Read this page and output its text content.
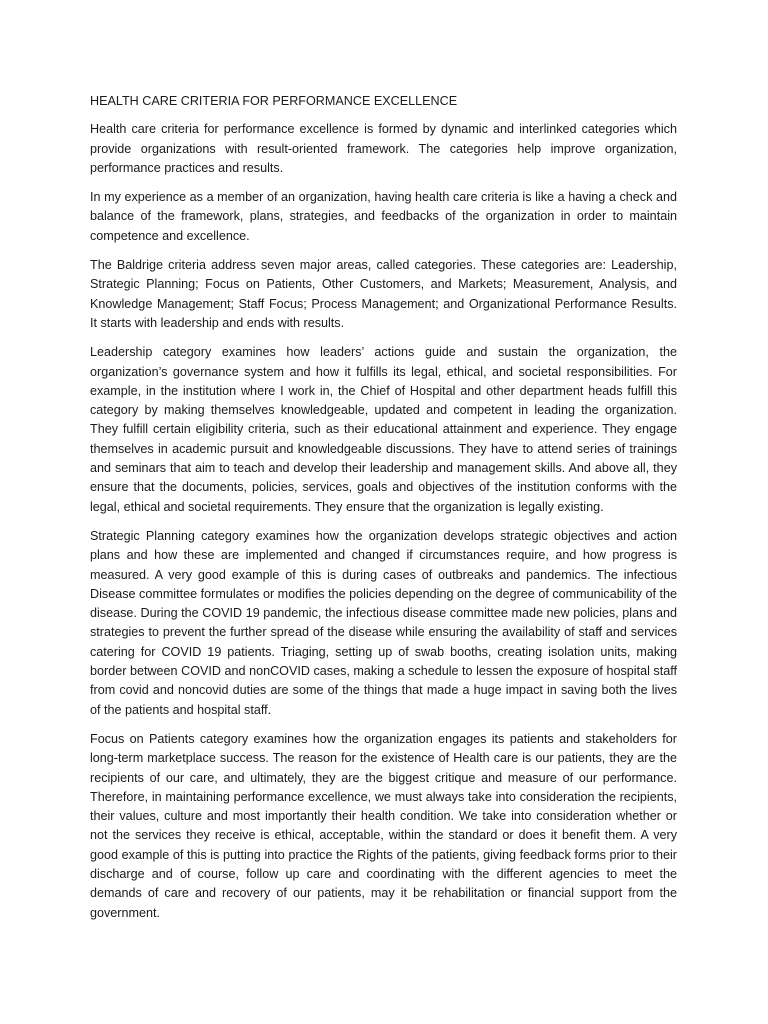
HEALTH CARE CRITERIA FOR PERFORMANCE EXCELLENCE

Health care criteria for performance excellence is formed by dynamic and interlinked categories which provide organizations with result-oriented framework. The categories help improve organization, performance practices and results.

In my experience as a member of an organization, having health care criteria is like a having a check and balance of the framework, plans, strategies, and feedbacks of the organization in order to maintain competence and excellence.

The Baldrige criteria address seven major areas, called categories. These categories are: Leadership, Strategic Planning; Focus on Patients, Other Customers, and Markets; Measurement, Analysis, and Knowledge Management; Staff Focus; Process Management; and Organizational Performance Results. It starts with leadership and ends with results.

Leadership category examines how leaders’ actions guide and sustain the organization, the organization’s governance system and how it fulfills its legal, ethical, and societal responsibilities. For example, in the institution where I work in, the Chief of Hospital and other department heads fulfill this category by making themselves knowledgeable, updated and competent in leading the organization. They fulfill certain eligibility criteria, such as their educational attainment and experience. They engage themselves in academic pursuit and knowledgeable discussions. They have to attend series of trainings and seminars that aim to teach and develop their leadership and management skills. And above all, they ensure that the documents, policies, services, goals and objectives of the institution conforms with the legal, ethical and societal requirements. They ensure that the organization is legally existing.

Strategic Planning category examines how the organization develops strategic objectives and action plans and how these are implemented and changed if circumstances require, and how progress is measured. A very good example of this is during cases of outbreaks and pandemics. The infectious Disease committee formulates or modifies the policies depending on the degree of communicability of the disease. During the COVID 19 pandemic, the infectious disease committee made new policies, plans and strategies to prevent the further spread of the disease while ensuring the availability of staff and services catering for COVID 19 patients. Triaging, setting up of swab booths, creating isolation units, making border between COVID and nonCOVID cases, making a schedule to lessen the exposure of hospital staff from covid and noncovid duties are some of the things that made a huge impact in saving both the lives of the patients and hospital staff.

Focus on Patients category examines how the organization engages its patients and stakeholders for long-term marketplace success. The reason for the existence of Health care is our patients, they are the recipients of our care, and ultimately, they are the biggest critique and measure of our performance. Therefore, in maintaining performance excellence, we must always take into consideration the recipients, their values, culture and most importantly their health condition. We take into consideration whether or not the services they receive is ethical, acceptable, within the standard or does it benefit them. A very good example of this is putting into practice the Rights of the patients, giving feedback forms prior to their discharge and of course, follow up care and coordinating with the different agencies to meet the demands of care and recovery of our patients, may it be rehabilitation or financial support from the government.
